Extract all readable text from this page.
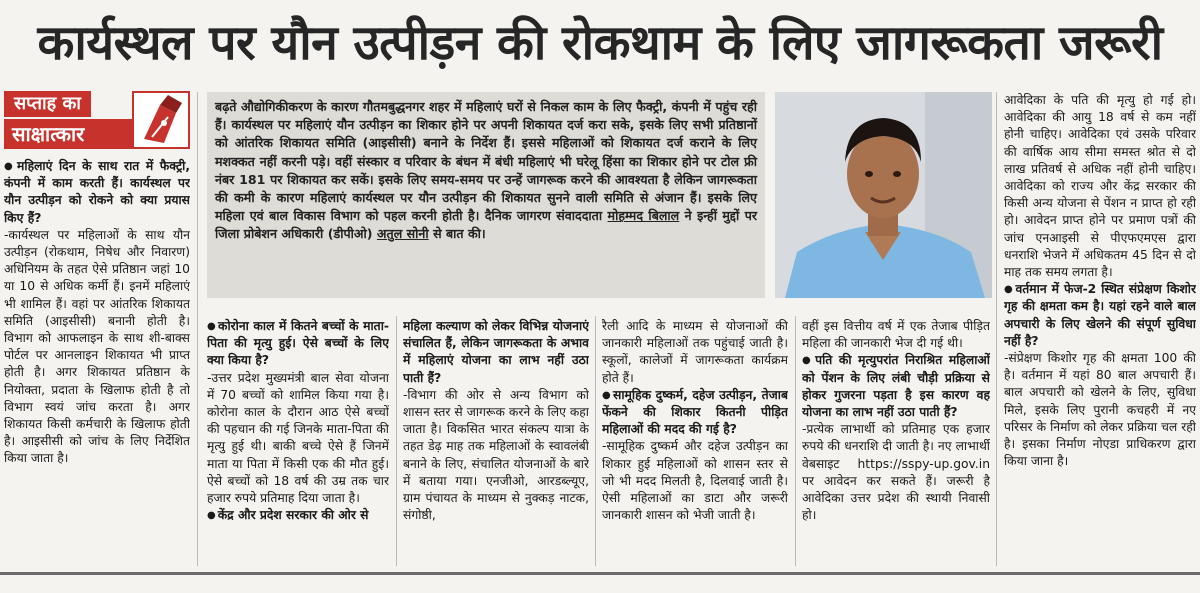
कार्यस्थल पर यौन उत्पीड़न की रोकथाम के लिए जागरूकता जरूरी
सप्ताह का
साक्षात्कार

● महिलाएं दिन के साथ रात में फैक्ट्री, कंपनी में काम करती हैं। कार्यस्थल पर यौन उत्पीड़न को रोकने को क्या प्रयास किए हैं?

-कार्यस्थल पर महिलाओं के साथ यौन उत्पीड़न (रोकथाम, निषेध और निवारण) अधिनियम के तहत ऐसे प्रतिष्ठान जहां 10 या 10 से अधिक कर्मी हैं। इनमें महिलाएं भी शामिल हैं। वहां पर आंतरिक शिकायत समिति (आइसीसी) बनानी होती है। विभाग को आफलाइन के साथ शी-बाक्स पोर्टल पर आनलाइन शिकायत भी प्राप्त होती है। अगर शिकायत प्रतिष्ठान के नियोक्ता, प्रदाता के खिलाफ होती है तो विभाग स्वयं जांच करता है। अगर शिकायत किसी कर्मचारी के खिलाफ होती है। आइसीसी को जांच के लिए निर्देशित किया जाता है।

बढ़ते औद्योगिकीकरण के कारण गौतमबुद्धनगर शहर में महिलाएं घरों से निकल काम के लिए फैक्ट्री, कंपनी में पहुंच रही हैं। कार्यस्थल पर महिलाएं यौन उत्पीड़न का शिकार होने पर अपनी शिकायत दर्ज करा सके, इसके लिए सभी प्रतिष्ठानों को आंतरिक शिकायत समिति (आइसीसी) बनाने के निर्देश हैं। इससे महिलाओं को शिकायत दर्ज कराने के लिए मशक्कत नहीं करनी पड़े। वहीं संस्कार व परिवार के बंधन में बंधी महिलाएं भी घरेलू हिंसा का शिकार होने पर टोल फ्री नंबर 181 पर शिकायत कर सकें। इसके लिए समय-समय पर उन्हें जागरूक करने की आवश्यता है लेकिन जागरूकता की कमी के कारण महिलाएं कार्यस्थल पर यौन उत्पीड़न की शिकायत सुनने वाली समिति से अंजान हैं। इसके लिए महिला एवं बाल विकास विभाग को पहल करनी होती है। दैनिक जागरण संवाददाता मोहम्मद बिलाल ने इन्हीं मुद्दों पर जिला प्रोबेशन अधिकारी (डीपीओ) अतुल सोनी से बात की।

● कोरोना काल में कितने बच्चों के माता-पिता की मृत्यु हुई। ऐसे बच्चों के लिए क्या किया है?

-उत्तर प्रदेश मुख्यमंत्री बाल सेवा योजना में 70 बच्चों को शामिल किया गया है। कोरोना काल के दौरान आठ ऐसे बच्चों की पहचान की गई जिनके माता-पिता की मृत्यु हुई थी। बाकी बच्चे ऐसे हैं जिनमें माता या पिता में किसी एक की मौत हुई। ऐसे बच्चों को 18 वर्ष की उम्र तक चार हजार रुपये प्रतिमाह दिया जाता है।

● केंद्र और प्रदेश सरकार की ओर से

महिला कल्याण को लेकर विभिन्न योजनाएं संचालित हैं, लेकिन जागरूकता के अभाव में महिलाएं योजना का लाभ नहीं उठा पाती हैं?

-विभाग की ओर से अन्य विभाग को शासन स्तर से जागरूक करने के लिए कहा जाता है। विकसित भारत संकल्प यात्रा के तहत डेढ़ माह तक महिलाओं के स्वावलंबी बनाने के लिए, संचालित योजनाओं के बारे में बताया गया। एनजीओ, आरडब्ल्यूए, ग्राम पंचायत के माध्यम से नुक्कड़ नाटक, संगोष्ठी,

रैली आदि के माध्यम से योजनाओं की जानकारी महिलाओं तक पहुंचाई जाती है। स्कूलों, कालेजों में जागरूकता कार्यक्रम होते हैं।

● सामूहिक दुष्कर्म, दहेज उत्पीड़न, तेजाब फेंकने की शिकार कितनी पीड़ित महिलाओं की मदद की गई है?

-सामूहिक दुष्कर्म और दहेज उत्पीड़न का शिकार हुई महिलाओं को शासन स्तर से जो भी मदद मिलती है, दिलवाई जाती है। ऐसी महिलाओं का डाटा और जरूरी जानकारी शासन को भेजी जाती है।

वहीं इस वित्तीय वर्ष में एक तेजाब पीड़ित महिला की जानकारी भेज दी गई थी।

● पति की मृत्युपरांत निराश्रित महिलाओं को पेंशन के लिए लंबी चौड़ी प्रक्रिया से होकर गुजरना पड़ता है इस कारण वह योजना का लाभ नहीं उठा पाती हैं?

-प्रत्येक लाभार्थी को प्रतिमाह एक हजार रुपये की धनराशि दी जाती है। नए लाभार्थी वेबसाइट https://sspy-up.gov.in पर आवेदन कर सकते हैं। जरूरी है आवेदिका उत्तर प्रदेश की स्थायी निवासी हो।

आवेदिका के पति की मृत्यु हो गई हो। आवेदिका की आयु 18 वर्ष से कम नहीं होनी चाहिए। आवेदिका एवं उसके परिवार की वार्षिक आय सीमा समस्त श्रोत से दो लाख प्रतिवर्ष से अधिक नहीं होनी चाहिए। आवेदिका को राज्य और केंद्र सरकार की किसी अन्य योजना से पेंशन न प्राप्त हो रही हो। आवेदन प्राप्त होने पर प्रमाण पत्रों की जांच एनआइसी से पीएफएमएस द्वारा धनराशि भेजने में अधिकतम 45 दिन से दो माह तक समय लगता है।

● वर्तमान में फेज-2 स्थित संप्रेक्षण किशोर गृह की क्षमता कम है। यहां रहने वाले बाल अपचारी के लिए खेलने की संपूर्ण सुविधा नहीं है?

-संप्रेक्षण किशोर गृह की क्षमता 100 की है। वर्तमान में यहां 80 बाल अपचारी हैं। बाल अपचारी को खेलने के लिए, सुविधा मिले, इसके लिए पुरानी कचहरी में नए परिसर के निर्माण को लेकर प्रक्रिया चल रही है। इसका निर्माण नोएडा प्राधिकरण द्वारा किया जाना है।
